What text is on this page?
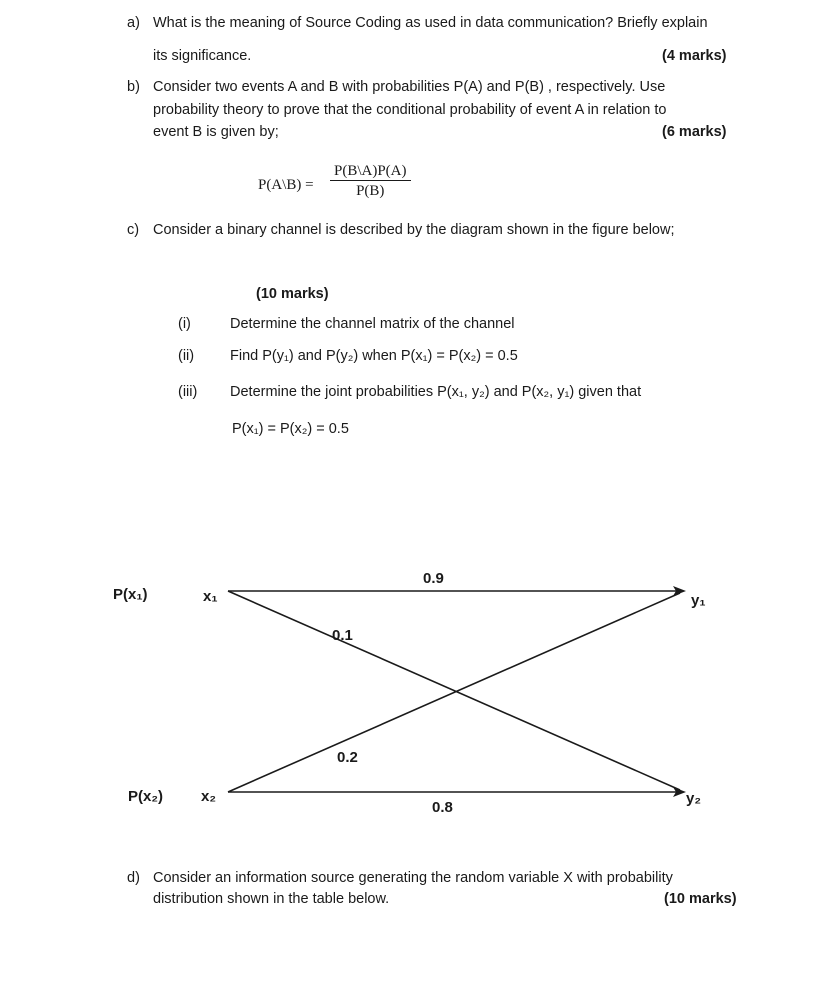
a) What is the meaning of Source Coding as used in data communication? Briefly explain
its significance.	(4 marks)
b) Consider two events A and B with probabilities P(A) and P(B) , respectively. Use
probability theory to prove that the conditional probability of event A in relation to
event B is given by;	(6 marks)
P(A\B) = $\frac{P(B\backslash A)P(A)}{P(B)}$
c) Consider a binary channel is described by the diagram shown in the figure below;
(10 marks)
(i)	Determine the channel matrix of the channel
(ii) Find P(y₁) and P(y₂) when P(x₁) = P(x₂) = 0.5
(iii) Determine the joint probabilities P(x₁, y₂) and P(x₂, y₁) given that
P(x₁) = P(x₂) = 0.5
P(x₁)
P(x₂)
x₁
x₂
y₁
y₂
0.9
0.1
0.2
0.8
d) Consider an information source generating the random variable X with probability
distribution shown in the table below.	(10 marks)
